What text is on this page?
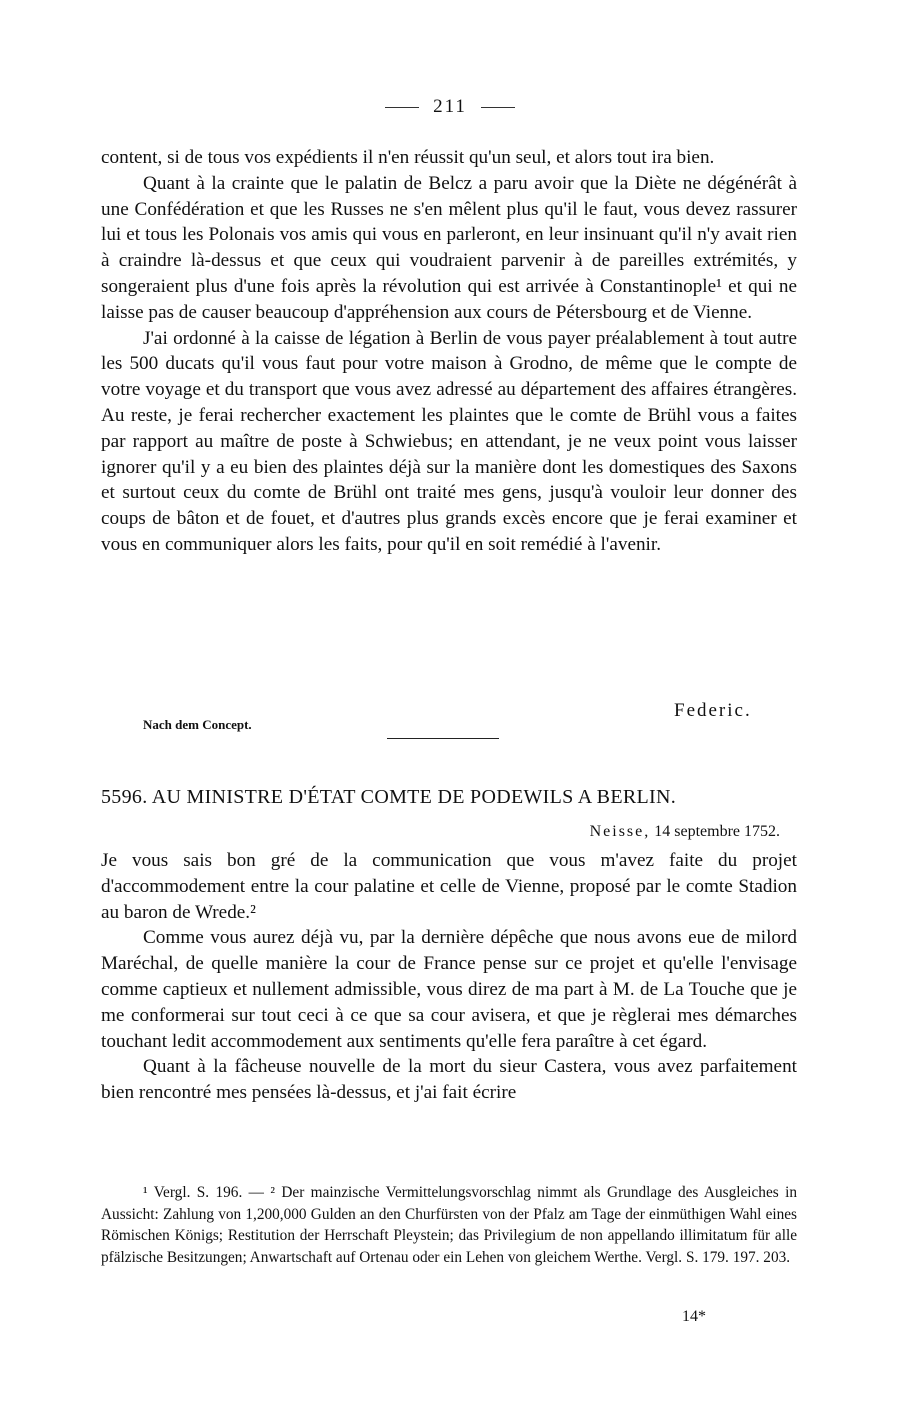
211

content, si de tous vos expédients il n'en réussit qu'un seul, et alors tout ira bien.

Quant à la crainte que le palatin de Belcz a paru avoir que la Diète ne dégénérât à une Confédération et que les Russes ne s'en mêlent plus qu'il le faut, vous devez rassurer lui et tous les Polonais vos amis qui vous en parleront, en leur insinuant qu'il n'y avait rien à craindre là-dessus et que ceux qui voudraient parvenir à de pareilles extrémités, y songeraient plus d'une fois après la révolution qui est arrivée à Constantinople¹ et qui ne laisse pas de causer beaucoup d'appréhension aux cours de Pétersbourg et de Vienne.

J'ai ordonné à la caisse de légation à Berlin de vous payer préalablement à tout autre les 500 ducats qu'il vous faut pour votre maison à Grodno, de même que le compte de votre voyage et du transport que vous avez adressé au département des affaires étrangères. Au reste, je ferai rechercher exactement les plaintes que le comte de Brühl vous a faites par rapport au maître de poste à Schwiebus; en attendant, je ne veux point vous laisser ignorer qu'il y a eu bien des plaintes déjà sur la manière dont les domestiques des Saxons et surtout ceux du comte de Brühl ont traité mes gens, jusqu'à vouloir leur donner des coups de bâton et de fouet, et d'autres plus grands excès encore que je ferai examiner et vous en communiquer alors les faits, pour qu'il en soit remédié à l'avenir.

Federic.
Nach dem Concept.
5596. AU MINISTRE D'ÉTAT COMTE DE PODEWILS A BERLIN.
Neisse, 14 septembre 1752.

Je vous sais bon gré de la communication que vous m'avez faite du projet d'accommodement entre la cour palatine et celle de Vienne, proposé par le comte Stadion au baron de Wrede.²

Comme vous aurez déjà vu, par la dernière dépêche que nous avons eue de milord Maréchal, de quelle manière la cour de France pense sur ce projet et qu'elle l'envisage comme captieux et nullement admissible, vous direz de ma part à M. de La Touche que je me conformerai sur tout ceci à ce que sa cour avisera, et que je règlerai mes démarches touchant ledit accommodement aux sentiments qu'elle fera paraître à cet égard.

Quant à la fâcheuse nouvelle de la mort du sieur Castera, vous avez parfaitement bien rencontré mes pensées là-dessus, et j'ai fait écrire

¹ Vergl. S. 196. — ² Der mainzische Vermittelungsvorschlag nimmt als Grundlage des Ausgleiches in Aussicht: Zahlung von 1,200,000 Gulden an den Churfürsten von der Pfalz am Tage der einmüthigen Wahl eines Römischen Königs; Restitution der Herrschaft Pleystein; das Privilegium de non appellando illimitatum für alle pfälzische Besitzungen; Anwartschaft auf Ortenau oder ein Lehen von gleichem Werthe. Vergl. S. 179. 197. 203.

14*
